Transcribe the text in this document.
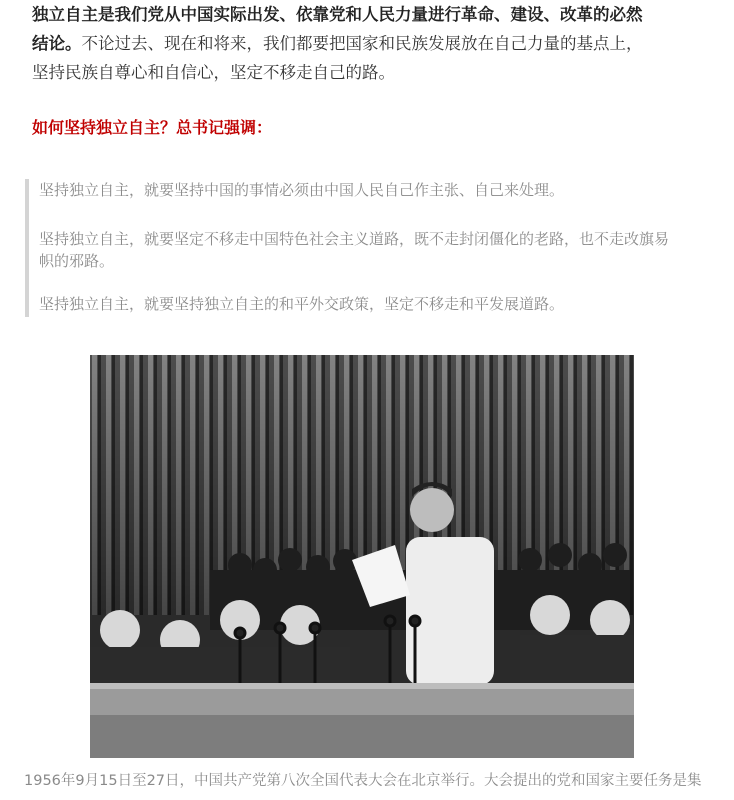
独立自主是我们党从中国实际出发、依靠党和人民力量进行革命、建设、改革的必然
结论。不论过去、现在和将来，我们都要把国家和民族发展放在自己力量的基点上，
坚持民族自尊心和自信心，坚定不移走自己的路。

如何坚持独立自主？总书记强调：

坚持独立自主，就要坚持中国的事情必须由中国人民自己作主张、自己来处理。

坚持独立自主，就要坚定不移走中国特色社会主义道路，既不走封闭僵化的老路，也不走改旗易帜的邪路。

坚持独立自主，就要坚持独立自主的和平外交政策，坚定不移走和平发展道路。

1956年9月15日至27日，中国共产党第八次全国代表大会在北京举行。大会提出的党和国家主要任务是集
